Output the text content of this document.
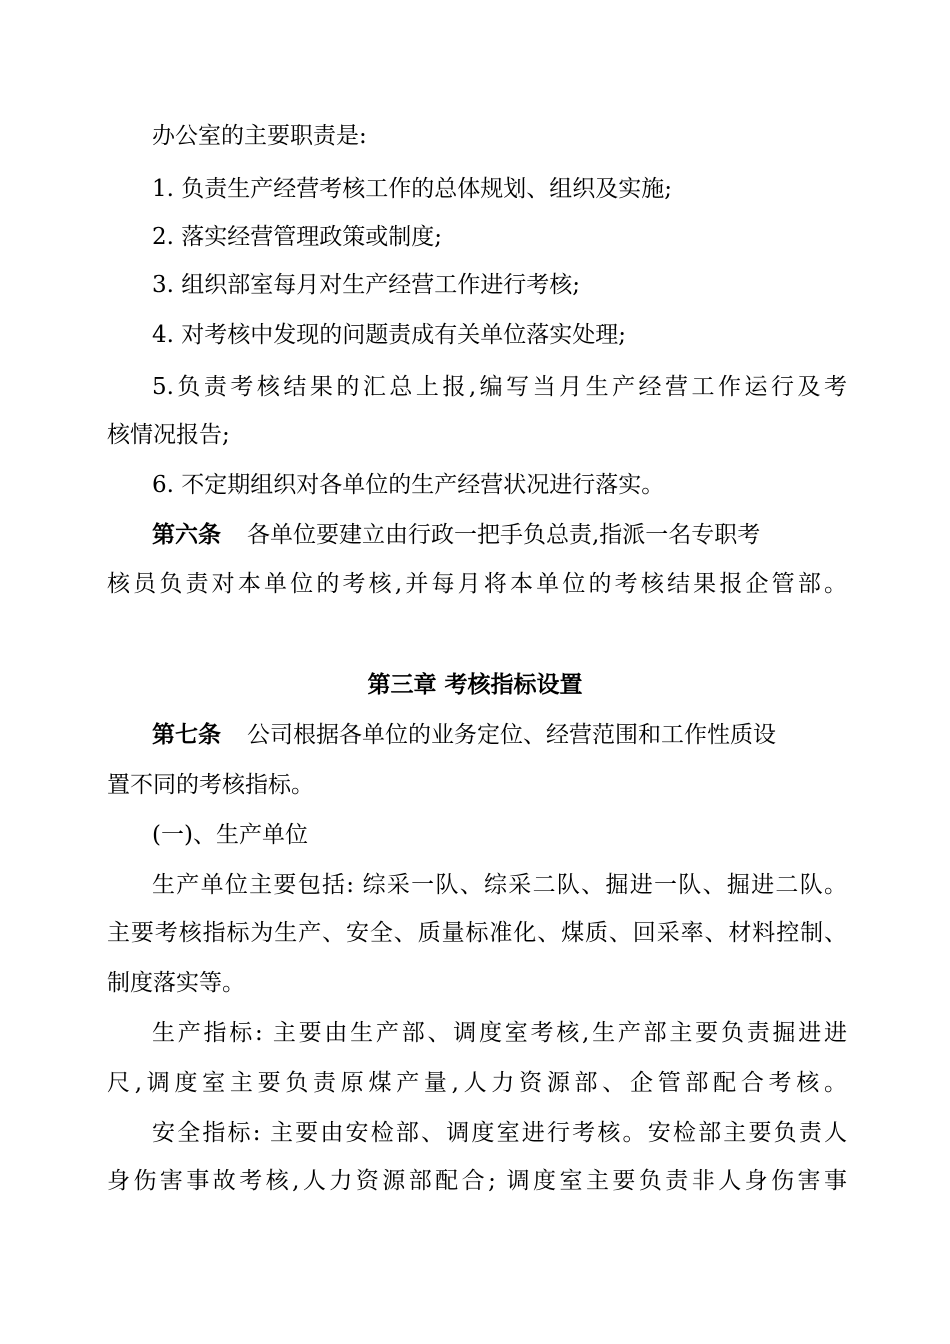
办公室的主要职责是:
1. 负责生产经营考核工作的总体规划、组织及实施;
2. 落实经营管理政策或制度;
3. 组织部室每月对生产经营工作进行考核;
4. 对考核中发现的问题责成有关单位落实处理;
5.负责考核结果的汇总上报,编写当月生产经营工作运行及考
核情况报告;
6. 不定期组织对各单位的生产经营状况进行落实。
第六条 各单位要建立由行政一把手负总责,指派一名专职考
核员负责对本单位的考核,并每月将本单位的考核结果报企管部。
第三章 考核指标设置
第七条 公司根据各单位的业务定位、经营范围和工作性质设
置不同的考核指标。
(一)、生产单位
生产单位主要包括: 综采一队、综采二队、掘进一队、掘进二队。
主要考核指标为生产、安全、质量标准化、煤质、回采率、材料控制、
制度落实等。
生产指标: 主要由生产部、调度室考核,生产部主要负责掘进进
尺,调度室主要负责原煤产量,人力资源部、企管部配合考核。
安全指标: 主要由安检部、调度室进行考核。安检部主要负责人
身伤害事故考核,人力资源部配合; 调度室主要负责非人身伤害事
